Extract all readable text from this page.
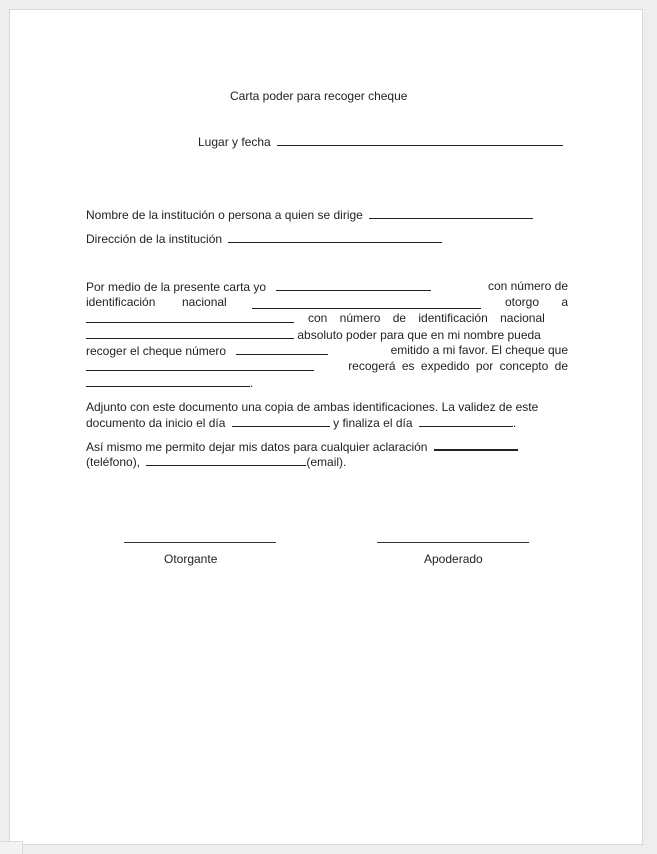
Carta poder para recoger cheque
Lugar y fecha
Nombre de la institución o persona a quien se dirige
Dirección de la institución
Por medio de la presente carta yo	con número de
identificación nacional	otorgo a
con número de identificación nacional
absoluto poder para que en mi nombre pueda
recoger el cheque número	emitido a mi favor. El cheque que
recogerá es expedido por concepto de
.
Adjunto con este documento una copia de ambas identificaciones. La validez de este
documento da inicio el día	y finaliza el día	.
Así mismo me permito dejar mis datos para cualquier aclaración
(teléfono),	(email).
Otorgante	Apoderado
